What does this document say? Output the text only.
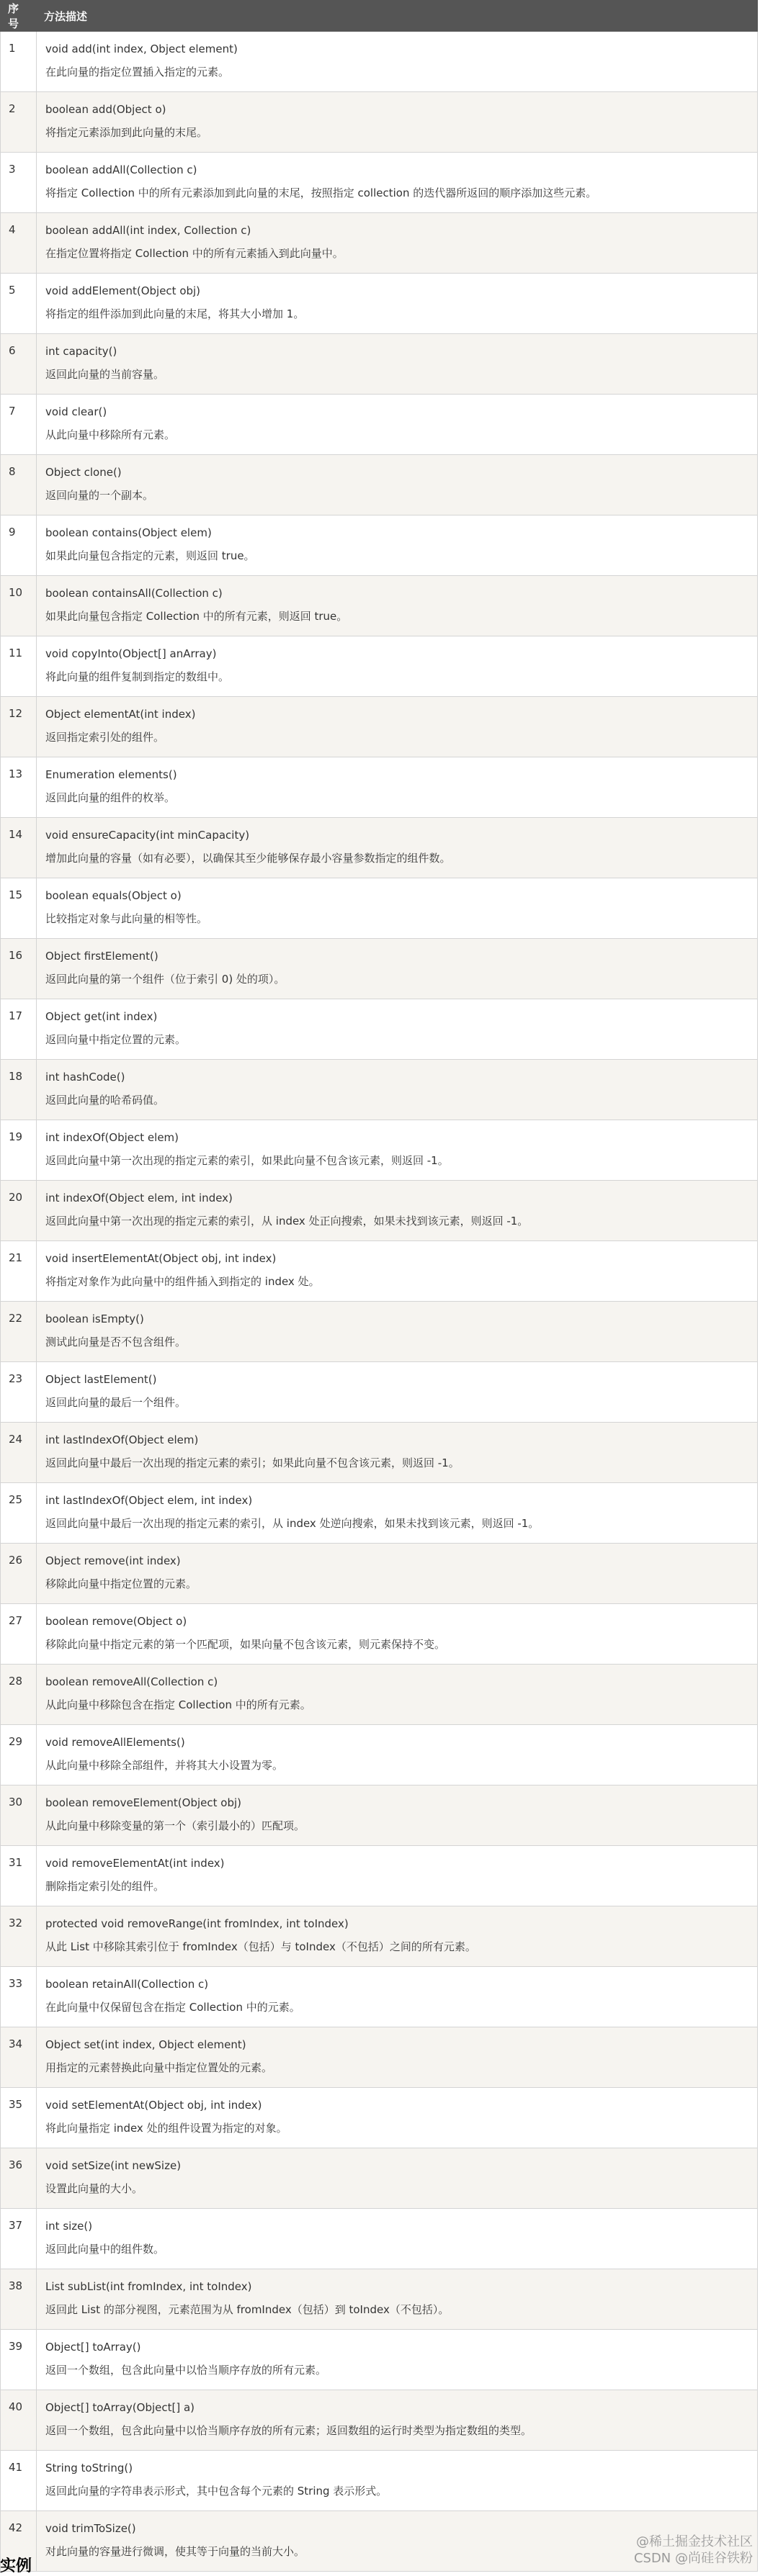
序号	方法描述
1	void add(int index, Object element)
在此向量的指定位置插入指定的元素。

2	boolean add(Object o)
将指定元素添加到此向量的末尾。

3	boolean addAll(Collection c)
将指定 Collection 中的所有元素添加到此向量的末尾，按照指定 collection 的迭代器所返回的顺序添加这些元素。

4	boolean addAll(int index, Collection c)
在指定位置将指定 Collection 中的所有元素插入到此向量中。

5	void addElement(Object obj)
将指定的组件添加到此向量的末尾，将其大小增加 1。

6	int capacity()
返回此向量的当前容量。

7	void clear()
从此向量中移除所有元素。

8	Object clone()
返回向量的一个副本。

9	boolean contains(Object elem)
如果此向量包含指定的元素，则返回 true。

10	boolean containsAll(Collection c)
如果此向量包含指定 Collection 中的所有元素，则返回 true。

11	void copyInto(Object[] anArray)
将此向量的组件复制到指定的数组中。

12	Object elementAt(int index)
返回指定索引处的组件。

13	Enumeration elements()
返回此向量的组件的枚举。

14	void ensureCapacity(int minCapacity)
增加此向量的容量（如有必要），以确保其至少能够保存最小容量参数指定的组件数。

15	boolean equals(Object o)
比较指定对象与此向量的相等性。

16	Object firstElement()
返回此向量的第一个组件（位于索引 0) 处的项）。

17	Object get(int index)
返回向量中指定位置的元素。

18	int hashCode()
返回此向量的哈希码值。

19	int indexOf(Object elem)
返回此向量中第一次出现的指定元素的索引，如果此向量不包含该元素，则返回 -1。

20	int indexOf(Object elem, int index)
返回此向量中第一次出现的指定元素的索引，从 index 处正向搜索，如果未找到该元素，则返回 -1。

21	void insertElementAt(Object obj, int index)
将指定对象作为此向量中的组件插入到指定的 index 处。

22	boolean isEmpty()
测试此向量是否不包含组件。

23	Object lastElement()
返回此向量的最后一个组件。

24	int lastIndexOf(Object elem)
返回此向量中最后一次出现的指定元素的索引；如果此向量不包含该元素，则返回 -1。

25	int lastIndexOf(Object elem, int index)
返回此向量中最后一次出现的指定元素的索引，从 index 处逆向搜索，如果未找到该元素，则返回 -1。

26	Object remove(int index)
移除此向量中指定位置的元素。

27	boolean remove(Object o)
移除此向量中指定元素的第一个匹配项，如果向量不包含该元素，则元素保持不变。

28	boolean removeAll(Collection c)
从此向量中移除包含在指定 Collection 中的所有元素。

29	void removeAllElements()
从此向量中移除全部组件，并将其大小设置为零。

30	boolean removeElement(Object obj)
从此向量中移除变量的第一个（索引最小的）匹配项。

31	void removeElementAt(int index)
删除指定索引处的组件。

32	protected void removeRange(int fromIndex, int toIndex)
从此 List 中移除其索引位于 fromIndex（包括）与 toIndex（不包括）之间的所有元素。

33	boolean retainAll(Collection c)
在此向量中仅保留包含在指定 Collection 中的元素。

34	Object set(int index, Object element)
用指定的元素替换此向量中指定位置处的元素。

35	void setElementAt(Object obj, int index)
将此向量指定 index 处的组件设置为指定的对象。

36	void setSize(int newSize)
设置此向量的大小。

37	int size()
返回此向量中的组件数。

38	List subList(int fromIndex, int toIndex)
返回此 List 的部分视图，元素范围为从 fromIndex（包括）到 toIndex（不包括）。

39	Object[] toArray()
返回一个数组，包含此向量中以恰当顺序存放的所有元素。

40	Object[] toArray(Object[] a)
返回一个数组，包含此向量中以恰当顺序存放的所有元素；返回数组的运行时类型为指定数组的类型。

41	String toString()
返回此向量的字符串表示形式，其中包含每个元素的 String 表示形式。

42	void trimToSize()
对此向量的容量进行微调，使其等于向量的当前大小。
实例
@稀土掘金技术社区
CSDN @尚硅谷铁粉
